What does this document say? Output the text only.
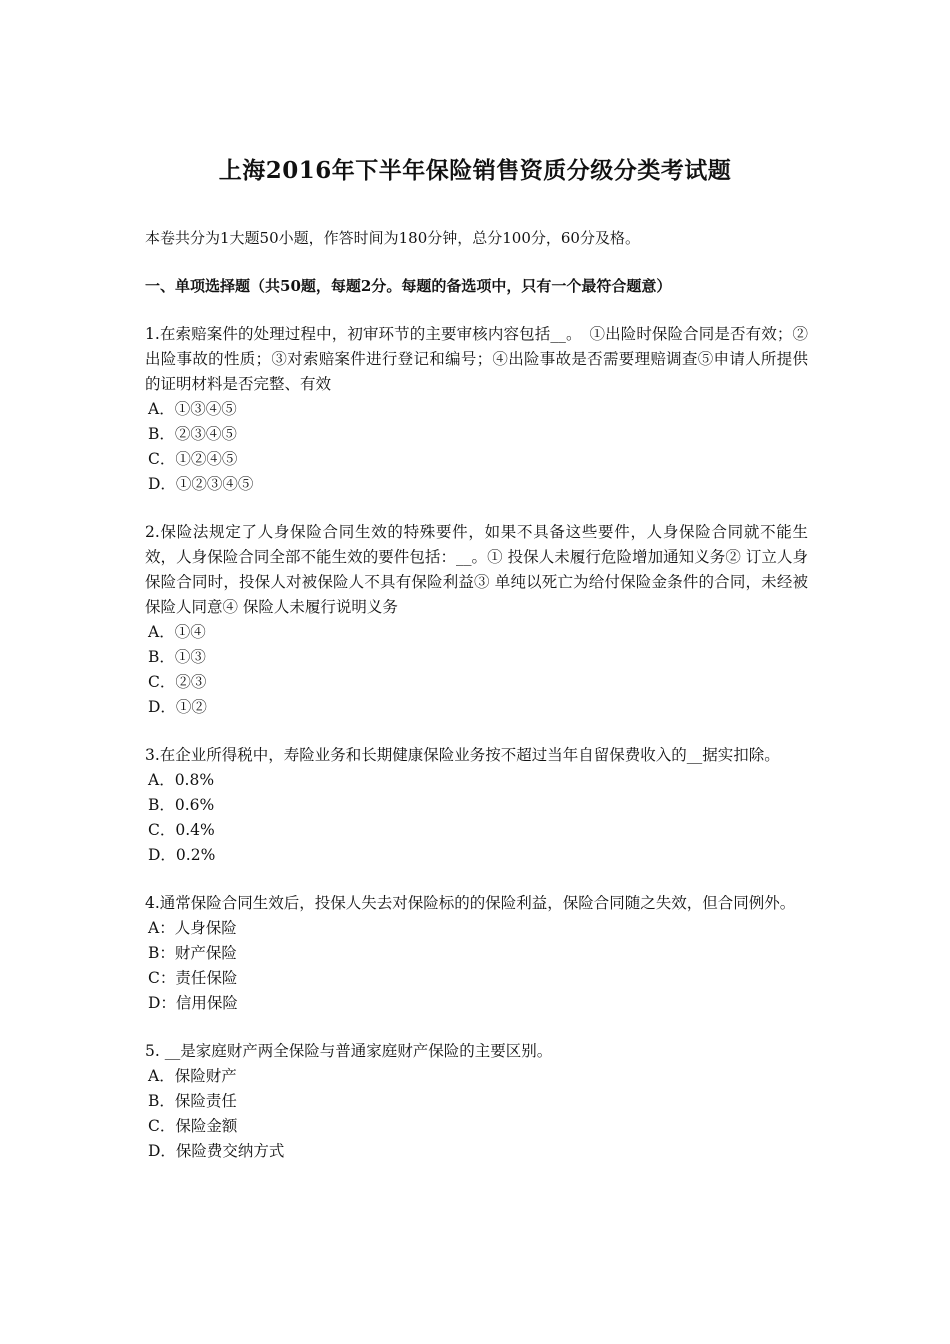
上海2016年下半年保险销售资质分级分类考试题
本卷共分为1大题50小题，作答时间为180分钟，总分100分，60分及格。
一、单项选择题（共50题，每题2分。每题的备选项中，只有一个最符合题意）
1.在索赔案件的处理过程中，初审环节的主要审核内容包括__。　①出险时保险合同是否有效；②出险事故的性质；③对索赔案件进行登记和编号；④出险事故是否需要理赔调查⑤申请人所提供的证明材料是否完整、有效
A．①③④⑤
B．②③④⑤
C．①②④⑤
D．①②③④⑤
2.保险法规定了人身保险合同生效的特殊要件，如果不具备这些要件，人身保险合同就不能生效，人身保险合同全部不能生效的要件包括：__。① 投保人未履行危险增加通知义务② 订立人身保险合同时，投保人对被保险人不具有保险利益③ 单纯以死亡为给付保险金条件的合同，未经被保险人同意④ 保险人未履行说明义务
A．①④
B．①③
C．②③
D．①②
3.在企业所得税中，寿险业务和长期健康保险业务按不超过当年自留保费收入的__据实扣除。
A．0.8%
B．0.6%
C．0.4%
D．0.2%
4.通常保险合同生效后，投保人失去对保险标的的保险利益，保险合同随之失效，但合同例外。
A：人身保险
B：财产保险
C：责任保险
D：信用保险
5. __是家庭财产两全保险与普通家庭财产保险的主要区别。
A．保险财产
B．保险责任
C．保险金额
D．保险费交纳方式
